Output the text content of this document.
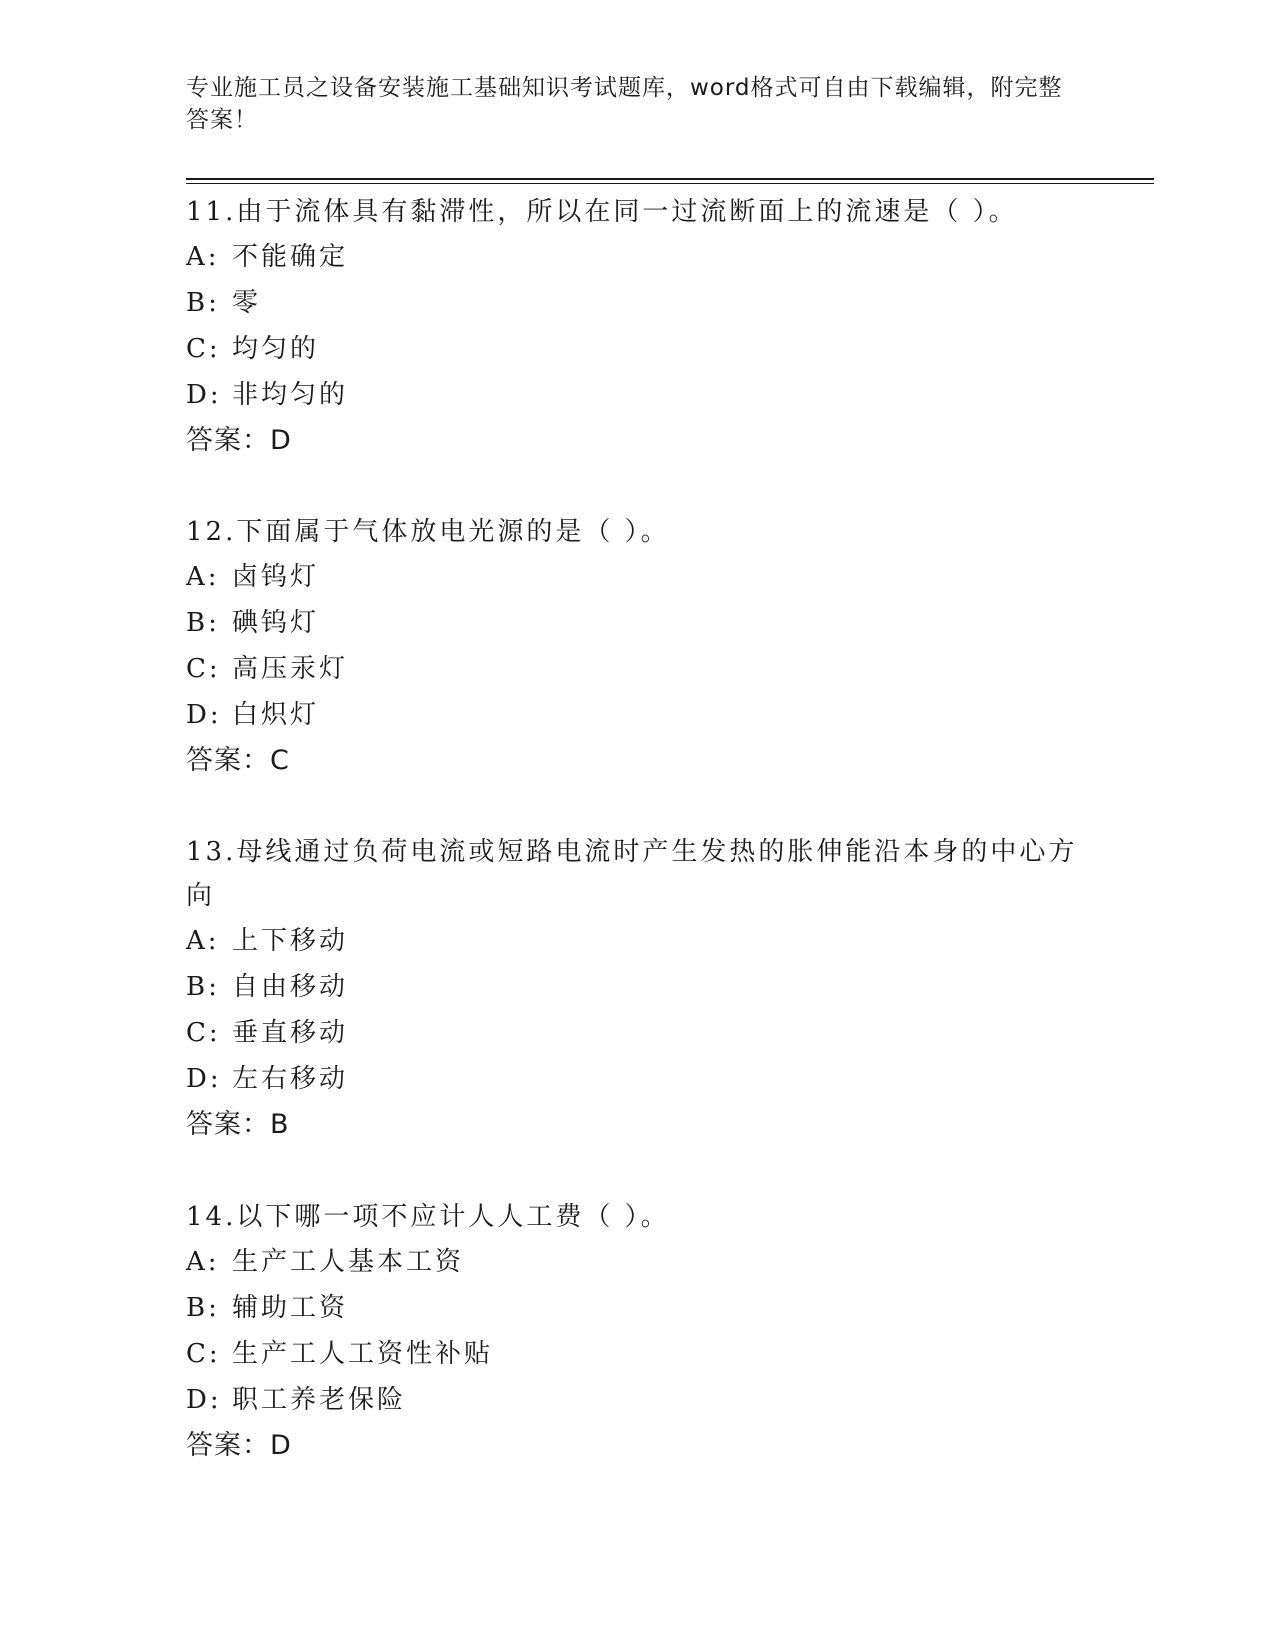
专业施工员之设备安装施工基础知识考试题库，word格式可自由下载编辑，附完整答案！

11.由于流体具有黏滞性，所以在同一过流断面上的流速是（ ）。

A: 不能确定
B: 零
C: 均匀的
D: 非均匀的
答案：D

12.下面属于气体放电光源的是（ ）。

A: 卤钨灯
B: 碘钨灯
C: 高压汞灯
D: 白炽灯
答案：C

13.母线通过负荷电流或短路电流时产生发热的胀伸能沿本身的中心方向

A: 上下移动
B: 自由移动
C: 垂直移动
D: 左右移动
答案：B

14.以下哪一项不应计人人工费（ ）。

A: 生产工人基本工资
B: 辅助工资
C: 生产工人工资性补贴
D: 职工养老保险
答案：D
